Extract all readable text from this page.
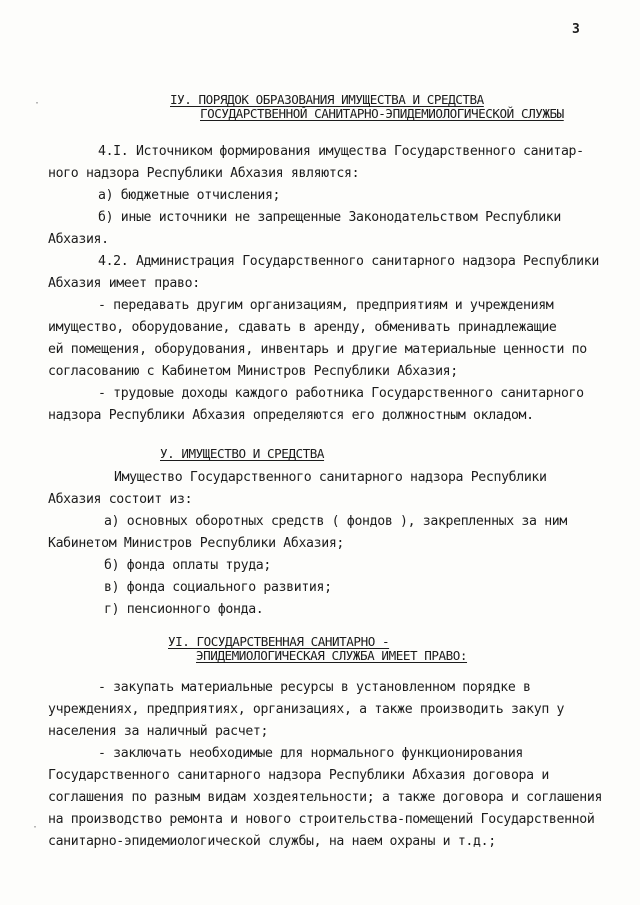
3
·
·
IУ. ПОРЯДОК ОБРАЗОВАНИЯ ИМУЩЕСТВА И СРЕДСТВА
ГОСУДАРСТВЕННОЙ САНИТАРНО-ЭПИДЕМИОЛОГИЧЕСКОЙ СЛУЖБЫ
4.I. Источником формирования имущества Государственного санитар-
ного надзора Республики Абхазия являются:
а) бюджетные отчисления;
б) иные источники не запрещенные Законодательством Республики
Абхазия.
4.2. Администрация Государственного санитарного надзора Республики
Абхазия имеет право:
- передавать другим организациям, предприятиям и учреждениям
имущество, оборудование, сдавать в аренду, обменивать принадлежащие
ей помещения, оборудования, инвентарь и другие материальные ценности по
согласованию с Кабинетом Министров Республики Абхазия;
- трудовые доходы каждого работника Государственного санитарного
надзора Республики Абхазия определяются его должностным окладом.
У. ИМУЩЕСТВО И СРЕДСТВА
Имущество Государственного санитарного надзора Республики
Абхазия состоит из:
а) основных оборотных средств ( фондов ), закрепленных за ним
Кабинетом Министров Республики Абхазия;
б) фонда оплаты труда;
в) фонда социального развития;
г) пенсионного фонда.
УI. ГОСУДАРСТВЕННАЯ САНИТАРНО -
ЭПИДЕМИОЛОГИЧЕСКАЯ СЛУЖБА ИМЕЕТ ПРАВО:
- закупать материальные ресурсы в установленном порядке в
учреждениях, предприятиях, организациях, а также производить закуп у
населения за наличный расчет;
- заключать необходимые для нормального функционирования
Государственного санитарного надзора Республики Абхазия договора и
соглашения по разным видам хоздеятельности; а также договора и соглашения
на производство ремонта и нового строительства-помещений Государственной
санитарно-эпидемиологической службы, на наем охраны и т.д.;
